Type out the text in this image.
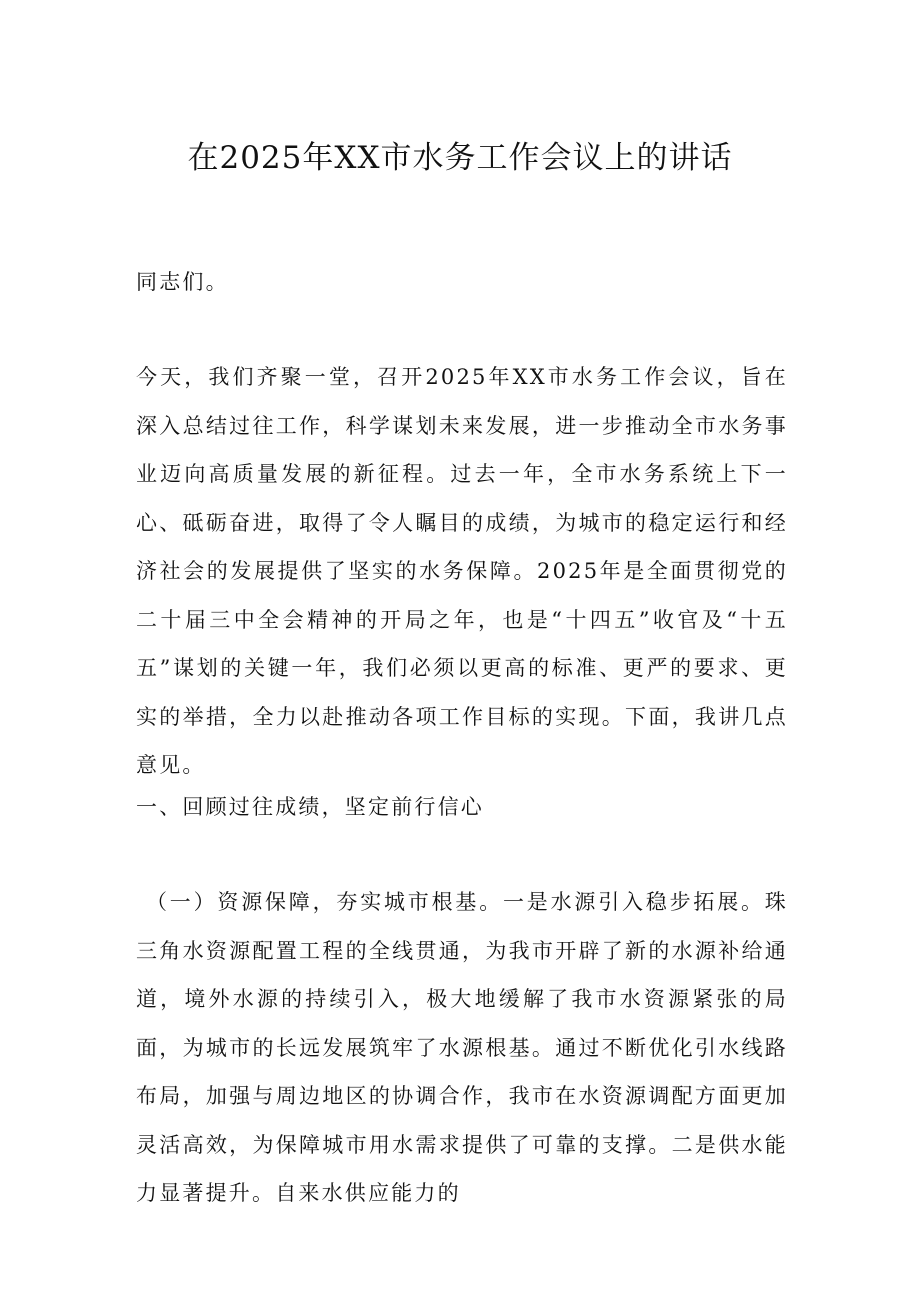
在2025年XX市水务工作会议上的讲话
同志们。
今天，我们齐聚一堂，召开2025年XX市水务工作会议，旨在深入总结过往工作，科学谋划未来发展，进一步推动全市水务事业迈向高质量发展的新征程。过去一年，全市水务系统上下一心、砥砺奋进，取得了令人瞩目的成绩，为城市的稳定运行和经济社会的发展提供了坚实的水务保障。2025年是全面贯彻党的二十届三中全会精神的开局之年，也是“十四五”收官及“十五五”谋划的关键一年，我们必须以更高的标准、更严的要求、更实的举措，全力以赴推动各项工作目标的实现。下面，我讲几点意见。
一、回顾过往成绩，坚定前行信心
（一）资源保障，夯实城市根基。一是水源引入稳步拓展。珠三角水资源配置工程的全线贯通，为我市开辟了新的水源补给通道，境外水源的持续引入，极大地缓解了我市水资源紧张的局面，为城市的长远发展筑牢了水源根基。通过不断优化引水线路布局，加强与周边地区的协调合作，我市在水资源调配方面更加灵活高效，为保障城市用水需求提供了可靠的支撑。二是供水能力显著提升。自来水供应能力的
